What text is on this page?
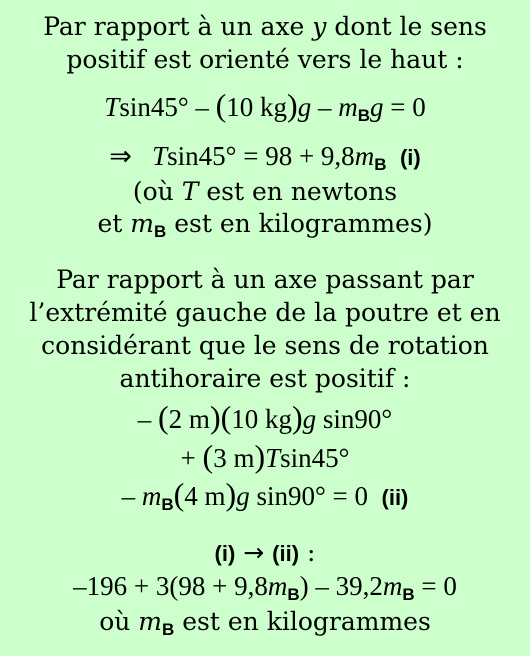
Par rapport à un axe y dont le sens
positif est orienté vers le haut :
Tsin45° – (10 kg)g – mBg = 0
⇒ Tsin45° = 98 + 9,8mB (i)
(où T est en newtons
et $m_B$ est en kilogrammes)
Par rapport à un axe passant par
l’extrémité gauche de la poutre et en
considérant que le sens de rotation
antihoraire est positif :
– (2 m)(10 kg)g sin90°
+ (3 m)Tsin45°
– mB(4 m)g sin90° = 0  (ii)
(i) → (ii) :
–196 + 3(98 + 9,8mB) – 39,2mB = 0
où $m_B$ est en kilogrammes
